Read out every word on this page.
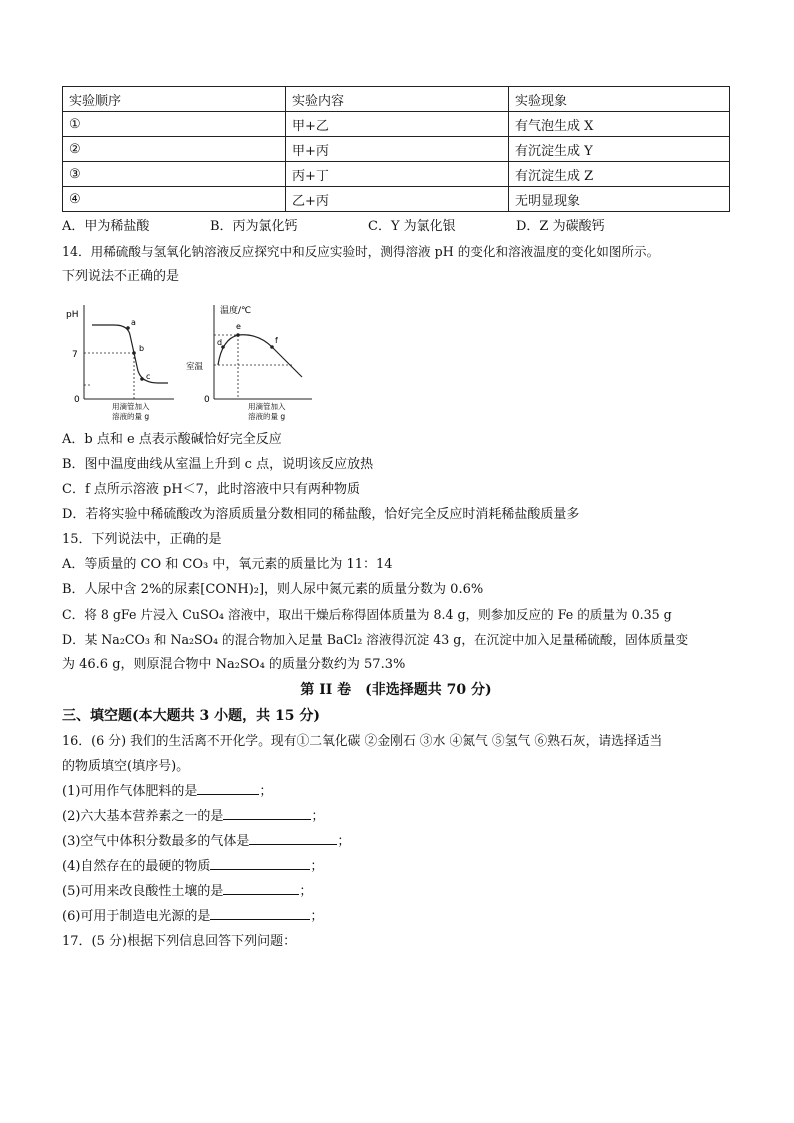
实验顺序	实验内容	实验现象
①	甲+乙	有气泡生成 X
②	甲+丙	有沉淀生成 Y
③	丙+丁	有沉淀生成 Z
④	乙+丙	无明显现象
A．甲为稀盐酸	B．丙为氯化钙	C．Y 为氯化银	D．Z 为碳酸钙
14．用稀硫酸与氢氧化钠溶液反应探究中和反应实验时，测得溶液 pH 的变化和溶液温度的变化如图所示。
下列说法不正确的是
pH
7
0
a
b
c
用滴管加入
溶液的量 g
温度/℃
室温
0
d
e
f
用滴管加入
溶液的量 g
A．b 点和 e 点表示酸碱恰好完全反应
B．图中温度曲线从室温上升到 c 点，说明该反应放热
C．f 点所示溶液 pH＜7，此时溶液中只有两种物质
D．若将实验中稀硫酸改为溶质质量分数相同的稀盐酸，恰好完全反应时消耗稀盐酸质量多
15．下列说法中，正确的是
A．等质量的 CO 和 CO₃ 中，氧元素的质量比为 11：14
B．人尿中含 2%的尿素[CONH)₂]，则人尿中氮元素的质量分数为 0.6%
C．将 8 gFe 片浸入 CuSO₄ 溶液中，取出干燥后称得固体质量为 8.4 g，则参加反应的 Fe 的质量为 0.35 g
D．某 Na₂CO₃ 和 Na₂SO₄ 的混合物加入足量 BaCl₂ 溶液得沉淀 43 g，在沉淀中加入足量稀硫酸，固体质量变
为 46.6 g，则原混合物中 Na₂SO₄ 的质量分数约为 57.3%
第 II 卷　(非选择题共 70 分)
三、填空题(本大题共 3 小题，共 15 分)
16．(6 分) 我们的生活离不开化学。现有①二氧化碳 ②金刚石 ③水 ④氮气 ⑤氢气 ⑥熟石灰，请选择适当
的物质填空(填序号)。
(1)可用作气体肥料的是	；
(2)六大基本营养素之一的是	；
(3)空气中体积分数最多的气体是	；
(4)自然存在的最硬的物质	；
(5)可用来改良酸性土壤的是	；
(6)可用于制造电光源的是	；
17．(5 分)根据下列信息回答下列问题：
